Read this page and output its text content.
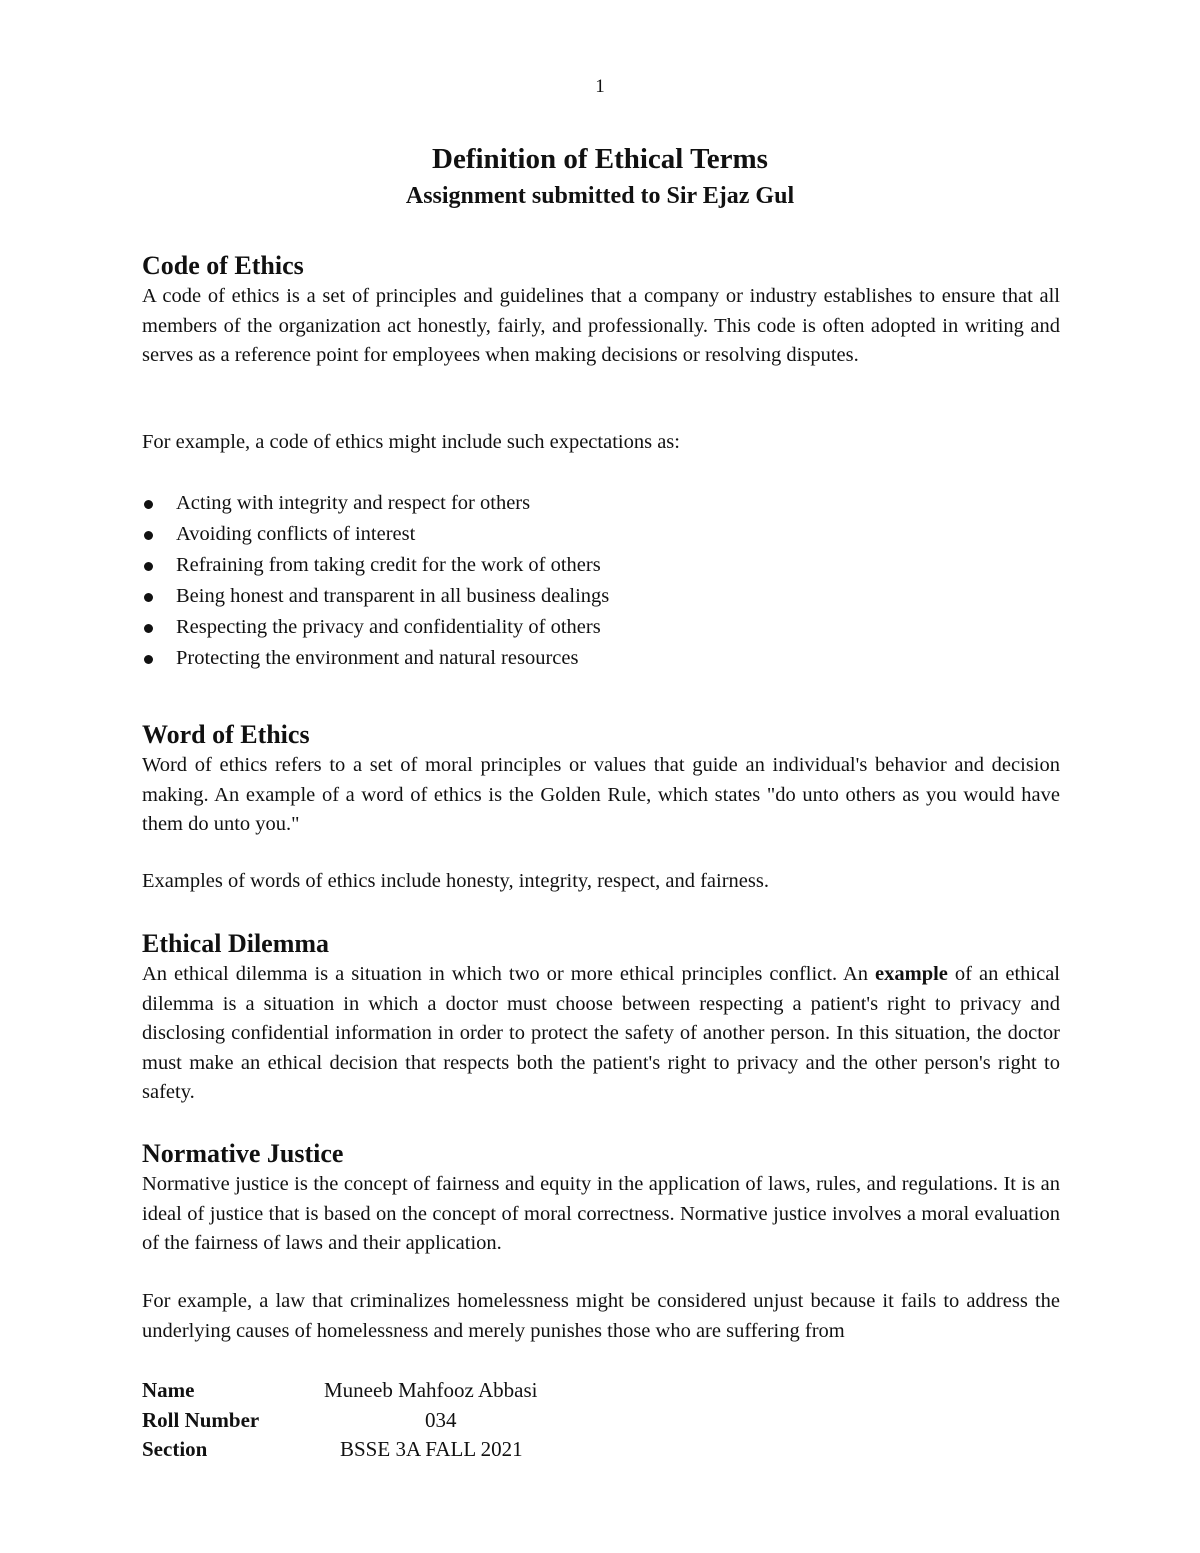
1
Definition of Ethical Terms
Assignment submitted to Sir Ejaz Gul
Code of Ethics

A code of ethics is a set of principles and guidelines that a company or industry establishes to ensure that all members of the organization act honestly, fairly, and professionally. This code is often adopted in writing and serves as a reference point for employees when making decisions or resolving disputes.

For example, a code of ethics might include such expectations as:

Acting with integrity and respect for others
Avoiding conflicts of interest
Refraining from taking credit for the work of others
Being honest and transparent in all business dealings
Respecting the privacy and confidentiality of others
Protecting the environment and natural resources
Word of Ethics

Word of ethics refers to a set of moral principles or values that guide an individual's behavior and decision making. An example of a word of ethics is the Golden Rule, which states "do unto others as you would have them do unto you."

Examples of words of ethics include honesty, integrity, respect, and fairness.

Ethical Dilemma

An ethical dilemma is a situation in which two or more ethical principles conflict. An example of an ethical dilemma is a situation in which a doctor must choose between respecting a patient's right to privacy and disclosing confidential information in order to protect the safety of another person. In this situation, the doctor must make an ethical decision that respects both the patient's right to privacy and the other person's right to safety.

Normative Justice

Normative justice is the concept of fairness and equity in the application of laws, rules, and regulations. It is an ideal of justice that is based on the concept of moral correctness. Normative justice involves a moral evaluation of the fairness of laws and their application.

For example, a law that criminalizes homelessness might be considered unjust because it fails to address the underlying causes of homelessness and merely punishes those who are suffering from

Name	Muneeb Mahfooz Abbasi
Roll Number	034
Section	BSSE 3A FALL 2021
